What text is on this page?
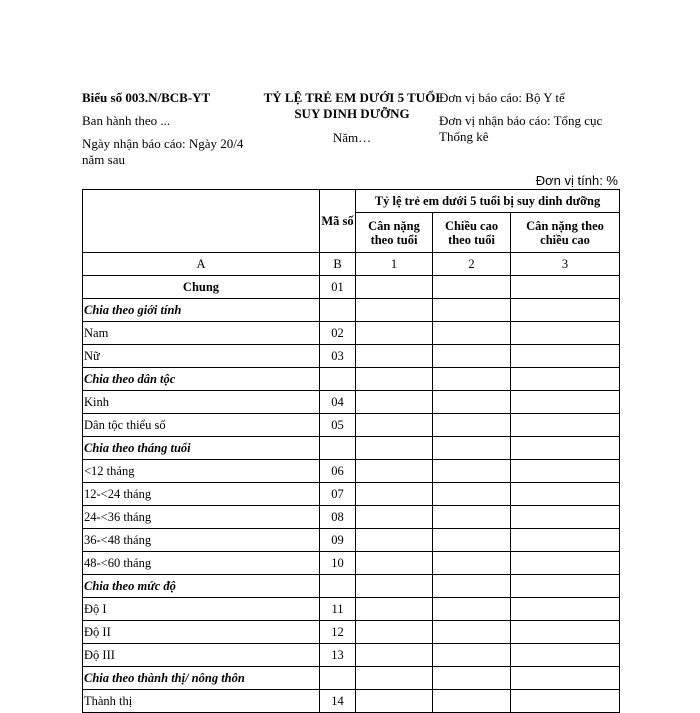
Biểu số 003.N/BCB-YT
Ban hành theo ...
Ngày nhận báo cáo: Ngày 20/4 năm sau
TỶ LỆ TRẺ EM DƯỚI 5 TUỔI SUY DINH DƯỠNG
Năm…
Đơn vị báo cáo: Bộ Y tế
Đơn vị nhận báo cáo: Tổng cục Thống kê
Đơn vị tính: %
	Mã số	Tỷ lệ trẻ em dưới 5 tuổi bị suy dinh dưỡng		
		Cân nặng theo tuổi	Chiều cao theo tuổi	Cân nặng theo chiều cao
A	B	1	2	3
Chung	01			
Chia theo giới tính				
Nam	02			
Nữ	03			
Chia theo dân tộc				
Kinh	04			
Dân tộc thiểu số	05			
Chia theo tháng tuổi				
<12 tháng	06			
12-<24 tháng	07			
24-<36 tháng	08			
36-<48 tháng	09			
48-<60 tháng	10			
Chia theo mức độ				
Độ I	11			
Độ II	12			
Độ III	13			
Chia theo thành thị/ nông thôn				
Thành thị	14			
